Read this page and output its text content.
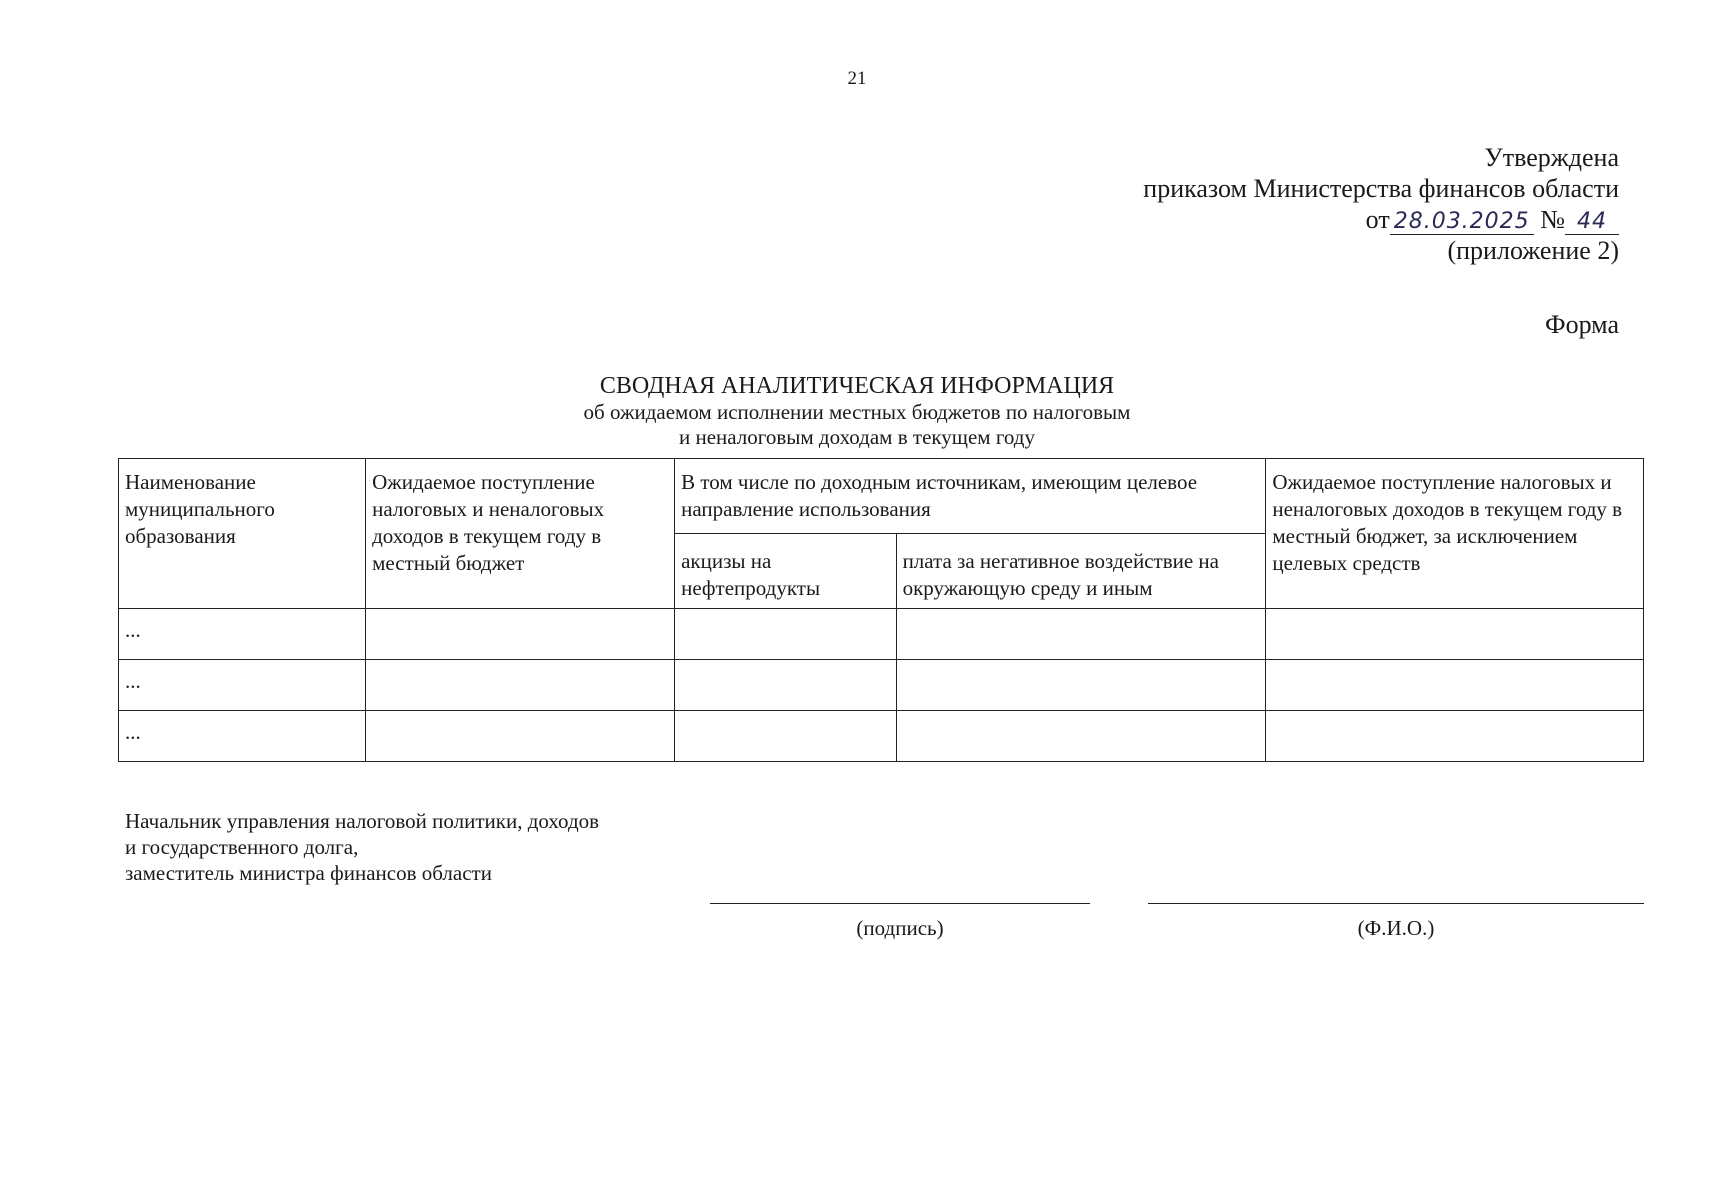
21
Утверждена
приказом Министерства финансов области
от 28.03.2025 № 44
(приложение 2)
Форма
СВОДНАЯ АНАЛИТИЧЕСКАЯ ИНФОРМАЦИЯ
об ожидаемом исполнении местных бюджетов по налоговым
и неналоговым доходам в текущем году
Наименование муниципального образования	Ожидаемое поступление налоговых и неналоговых доходов в текущем году в местный бюджет	В том числе по доходным источникам, имеющим целевое направление использования		Ожидаемое поступление налоговых и неналоговых доходов в текущем году в местный бюджет, за исключением целевых средств
		акцизы на нефтепродукты	плата за негативное воздействие на окружающую среду и иным	
...				
...				
...				
Начальник управления налоговой политики, доходов
и государственного долга,
заместитель министра финансов области
(подпись)	(Ф.И.О.)
